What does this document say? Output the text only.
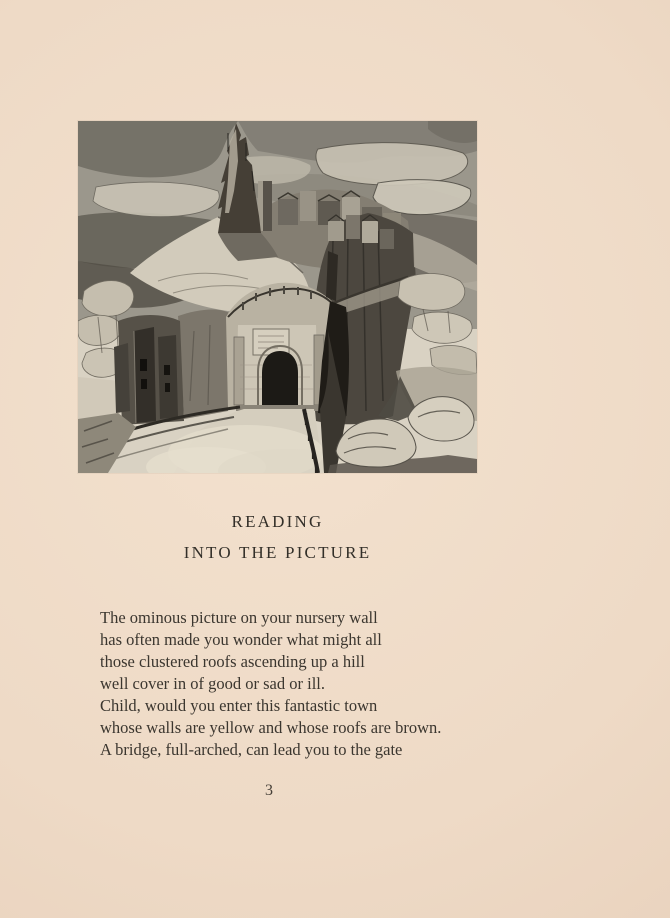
READING
INTO THE PICTURE
The ominous picture on your nursery wall
has often made you wonder what might all
those clustered roofs ascending up a hill
well cover in of good or sad or ill.
Child, would you enter this fantastic town
whose walls are yellow and whose roofs are brown.
A bridge, full-arched, can lead you to the gate
3
